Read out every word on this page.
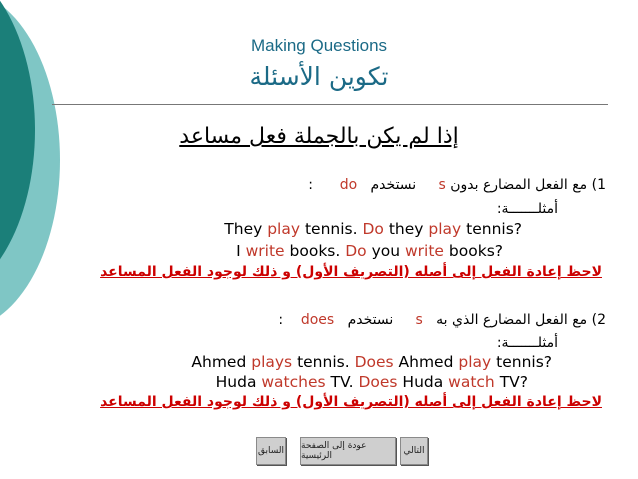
Making Questions
تكوين الأسئلة
إذا لم يكن بالجملة فعل مساعد
1) مع الفعل المضارع بدون s     نستخدم   do      :
أمثلـــــــة:
They play tennis. Do they play tennis?
I write books. Do you write books?
لاحظ إعادة الفعل إلى أصله (التصريف الأول) و ذلك لوجود الفعل المساعد
2) مع الفعل المضارع الذي به   s     نستخدم   does    :
أمثلـــــــة:
Ahmed plays tennis. Does Ahmed play tennis?
Huda watches TV. Does Huda watch TV?
لاحظ إعادة الفعل إلى أصله (التصريف الأول) و ذلك لوجود الفعل المساعد
التالي
عودة إلى الصفحة الرئيسية
السابق
